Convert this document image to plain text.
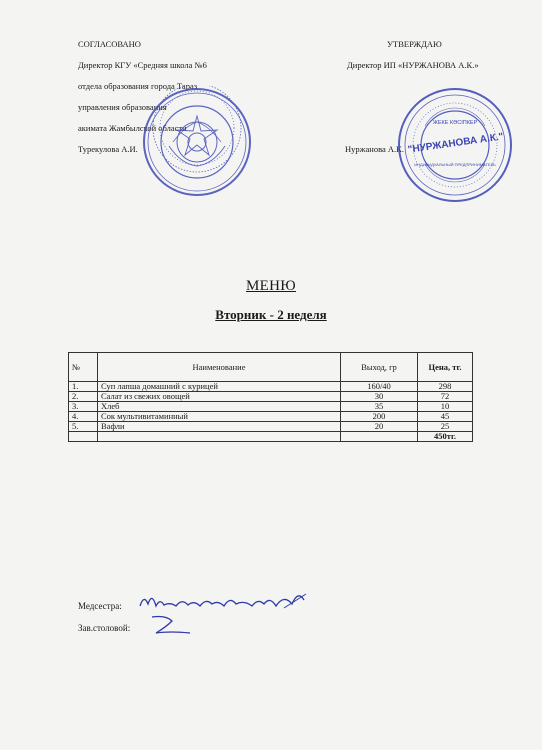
СОГЛАСОВАНО
Директор КГУ «Средняя школа №6
отдела образования города Тараз
управления образования
акимата Жамбылской области
Турекулова А.И.
УТВЕРЖДАЮ
Директор ИП «НУРЖАНОВА А.К.»
Нуржанова А.К.
ЖЕКЕ КӘСІПКЕР
"НУРЖАНОВА А.К."
ИНДИВИДУАЛЬНЫЙ ПРЕДПРИНИМАТЕЛЬ
МЕНЮ
Вторник - 2 неделя
№	Наименование	Выход, гр	Цена, тг.
1.	Суп лапша домашний с курицей	160/40	298
2.	Салат из свежих овощей	30	72
3.	Хлеб	35	10
4.	Сок мультивитаминный	200	45
5.	Вафли	20	25
			450тг.
Медсестра:
Зав.столовой:
